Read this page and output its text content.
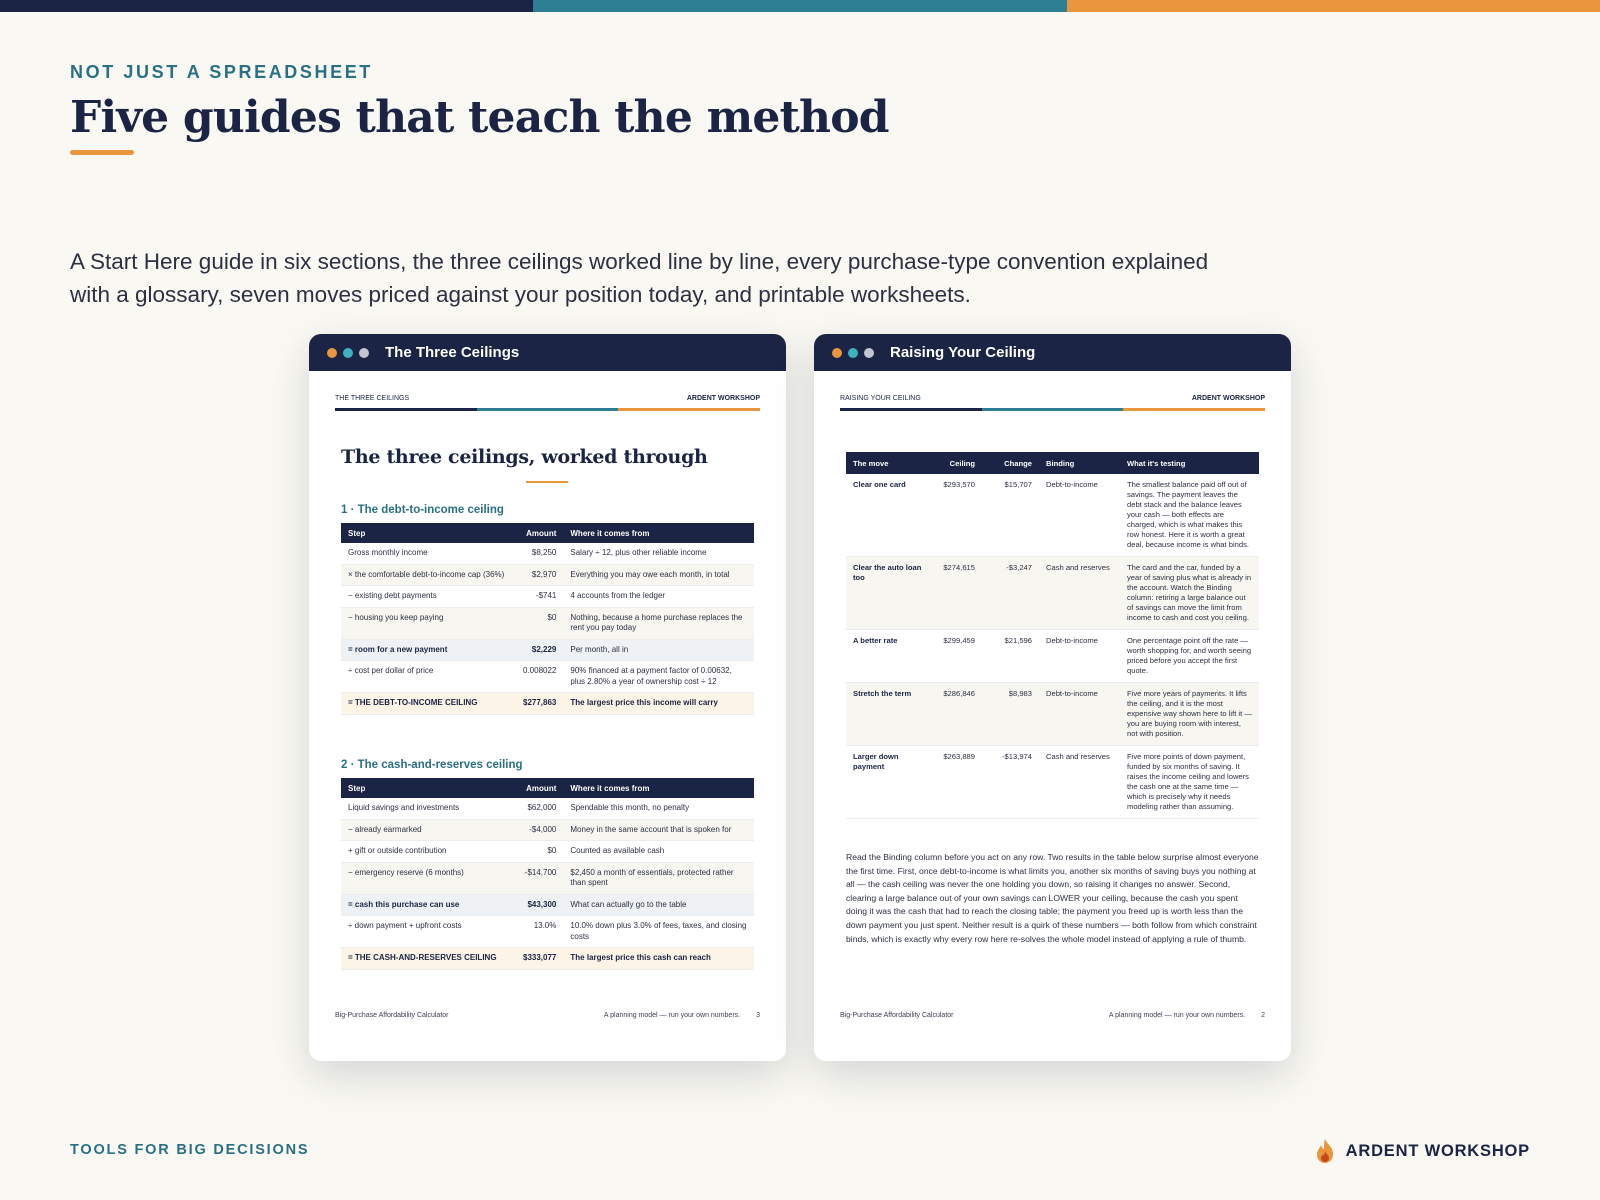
NOT JUST A SPREADSHEET
Five guides that teach the method

A Start Here guide in six sections, the three ceilings worked line by line, every purchase-type convention explained with a glossary, seven moves priced against your position today, and printable worksheets.

The Three Ceilings
THE THREE CEILINGS	ARDENT WORKSHOP
The three ceilings, worked through
1 · The debt-to-income ceiling
Step	Amount	Where it comes from
Gross monthly income	$8,250	Salary ÷ 12, plus other reliable income
× the comfortable debt-to-income cap (36%)	$2,970	Everything you may owe each month, in total
− existing debt payments	-$741	4 accounts from the ledger
− housing you keep paying	$0	Nothing, because a home purchase replaces the rent you pay today
= room for a new payment	$2,229	Per month, all in
÷ cost per dollar of price	0.008022	90% financed at a payment factor of 0.00632, plus 2.80% a year of ownership cost ÷ 12
= THE DEBT-TO-INCOME CEILING	$277,863	The largest price this income will carry
2 · The cash-and-reserves ceiling
Step	Amount	Where it comes from
Liquid savings and investments	$62,000	Spendable this month, no penalty
− already earmarked	-$4,000	Money in the same account that is spoken for
+ gift or outside contribution	$0	Counted as available cash
− emergency reserve (6 months)	-$14,700	$2,450 a month of essentials, protected rather than spent
= cash this purchase can use	$43,300	What can actually go to the table
÷ down payment + upfront costs	13.0%	10.0% down plus 3.0% of fees, taxes, and closing costs
= THE CASH-AND-RESERVES CEILING	$333,077	The largest price this cash can reach
Big-Purchase Affordability Calculator	A planning model — run your own numbers. 3
Raising Your Ceiling
RAISING YOUR CEILING	ARDENT WORKSHOP
The move	Ceiling	Change	Binding	What it's testing
Clear one card	$293,570	$15,707	Debt-to-income	The smallest balance paid off out of savings. The payment leaves the debt stack and the balance leaves your cash — both effects are charged, which is what makes this row honest. Here it is worth a great deal, because income is what binds.
Clear the auto loan too	$274,615	-$3,247	Cash and reserves	The card and the car, funded by a year of saving plus what is already in the account. Watch the Binding column: retiring a large balance out of savings can move the limit from income to cash and cost you ceiling.
A better rate	$299,459	$21,596	Debt-to-income	One percentage point off the rate — worth shopping for, and worth seeing priced before you accept the first quote.
Stretch the term	$286,846	$8,983	Debt-to-income	Five more years of payments. It lifts the ceiling, and it is the most expensive way shown here to lift it — you are buying room with interest, not with position.
Larger down payment	$263,889	-$13,974	Cash and reserves	Five more points of down payment, funded by six months of saving. It raises the income ceiling and lowers the cash one at the same time — which is precisely why it needs modeling rather than assuming.

Read the Binding column before you act on any row. Two results in the table below surprise almost everyone the first time. First, once debt-to-income is what limits you, another six months of saving buys you nothing at all — the cash ceiling was never the one holding you down, so raising it changes no answer. Second, clearing a large balance out of your own savings can LOWER your ceiling, because the cash you spent doing it was the cash that had to reach the closing table; the payment you freed up is worth less than the down payment you just spent. Neither result is a quirk of these numbers — both follow from which constraint binds, which is exactly why every row here re-solves the whole model instead of applying a rule of thumb.

Big-Purchase Affordability Calculator	A planning model — run your own numbers. 2
TOOLS FOR BIG DECISIONS	ARDENT WORKSHOP
